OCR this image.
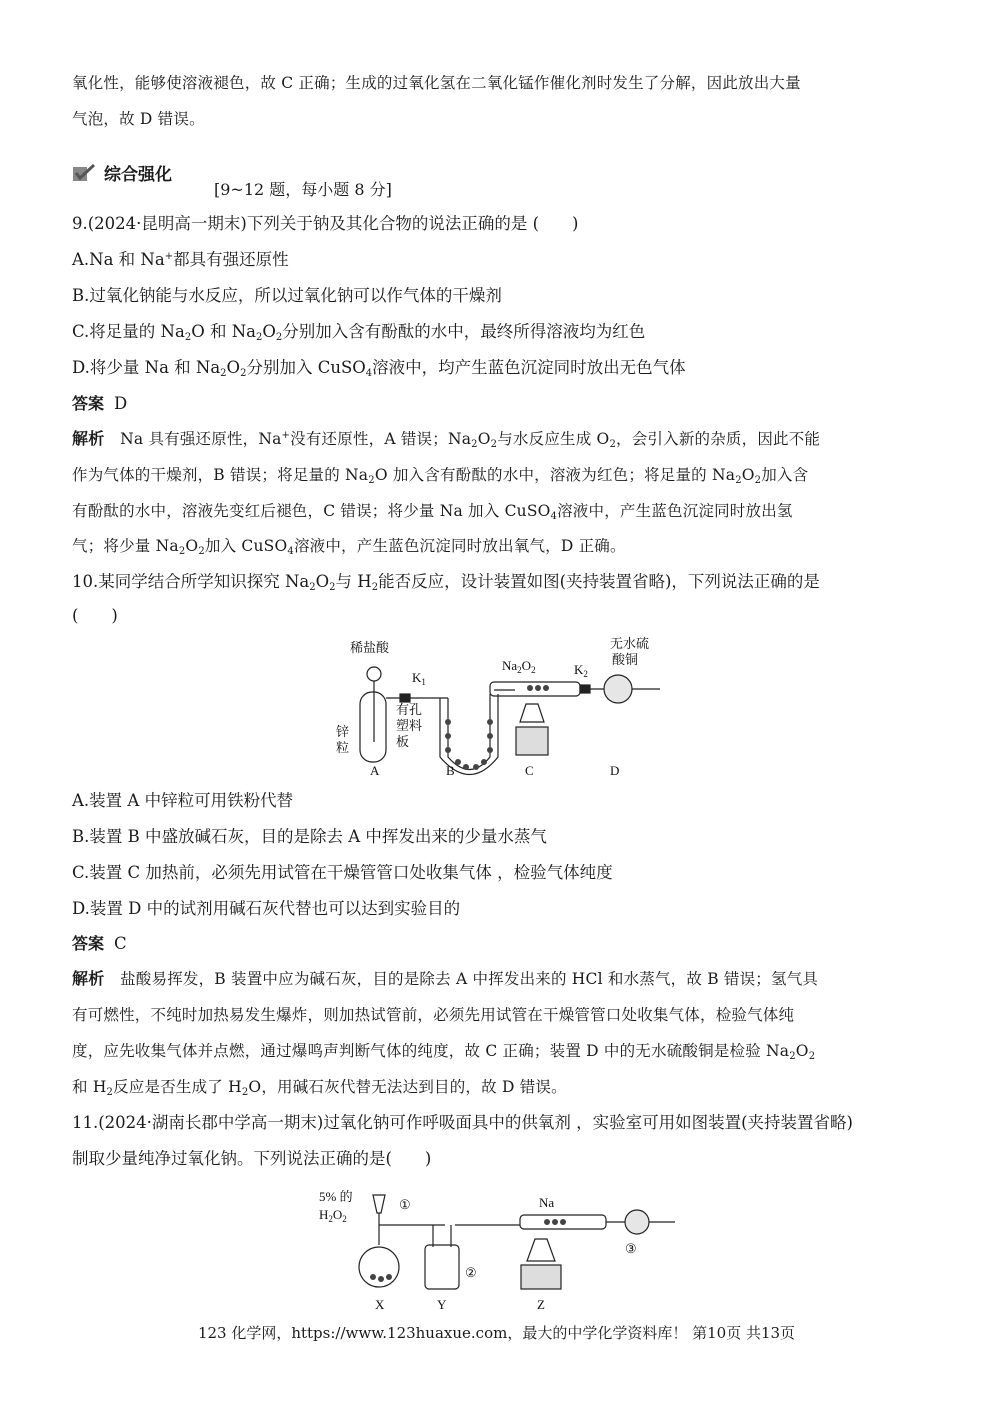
氧化性，能够使溶液褪色，故 C 正确；生成的过氧化氢在二氧化锰作催化剂时发生了分解，因此放出大量
气泡，故 D 错误。
综合强化
[9~12 题，每小题 8 分]
9.(2024·昆明高一期末)下列关于钠及其化合物的说法正确的是 (　　)
A.Na 和 Na+都具有强还原性
B.过氧化钠能与水反应，所以过氧化钠可以作气体的干燥剂
C.将足量的 $Na_2O$ 和 $Na_2O_2$分别加入含有酚酞的水中，最终所得溶液均为红色
D.将少量 Na 和 $Na_2O_2$分别加入 CuSO$_4$溶液中，均产生蓝色沉淀同时放出无色气体
答案 D
解析　 Na 具有强还原性，Na+没有还原性，A 错误；$Na_2O_2$与水反应生成 $O_2$，会引入新的杂质，因此不能
作为气体的干燥剂，B 错误；将足量的 $Na_2O$ 加入含有酚酞的水中，溶液为红色；将足量的 $Na_2O_2$加入含
有酚酞的水中，溶液先变红后褪色，C 错误；将少量 Na 加入 CuSO$_4$溶液中，产生蓝色沉淀同时放出氢
气；将少量 $Na_2O_2$加入 CuSO$_4$溶液中，产生蓝色沉淀同时放出氧气，D 正确。
10.某同学结合所学知识探究 $Na_2O_2$与 $H_2$能否反应，设计装置如图(夹持装置省略)，下列说法正确的是
(　　)
稀盐酸
$K_1$
锌
粒
有孔
塑料
板
$Na_2O_2$	$K_2$
无水硫
酸铜
A	B	C	D
A.装置 A 中锌粒可用铁粉代替
B.装置 B 中盛放碱石灰，目的是除去 A 中挥发出来的少量水蒸气
C.装置 C 加热前，必须先用试管在干燥管管口处收集气体 ，检验气体纯度
D.装置 D 中的试剂用碱石灰代替也可以达到实验目的
答案 C
解析　 盐酸易挥发，B 装置中应为碱石灰，目的是除去 A 中挥发出来的 HCl 和水蒸气，故 B 错误；氢气具
有可燃性，不纯时加热易发生爆炸，则加热试管前，必须先用试管在干燥管管口处收集气体，检验气体纯
度，应先收集气体并点燃，通过爆鸣声判断气体的纯度，故 C 正确；装置 D 中的无水硫酸铜是检验 $Na_2O_2$
和 $H_2$反应是否生成了 $H_2O$，用碱石灰代替无法达到目的，故 D 错误。
11.(2024·湖南长郡中学高一期末)过氧化钠可作呼吸面具中的供氧剂 ，实验室可用如图装置(夹持装置省略)
制取少量纯净过氧化钠。下列说法正确的是(　　)
5% 的
$H_2O_2$
①
②
Na
③
X	Y	Z
123 化学网，https://www.123huaxue.com，最大的中学化学资料库！ 第10页 共13页
